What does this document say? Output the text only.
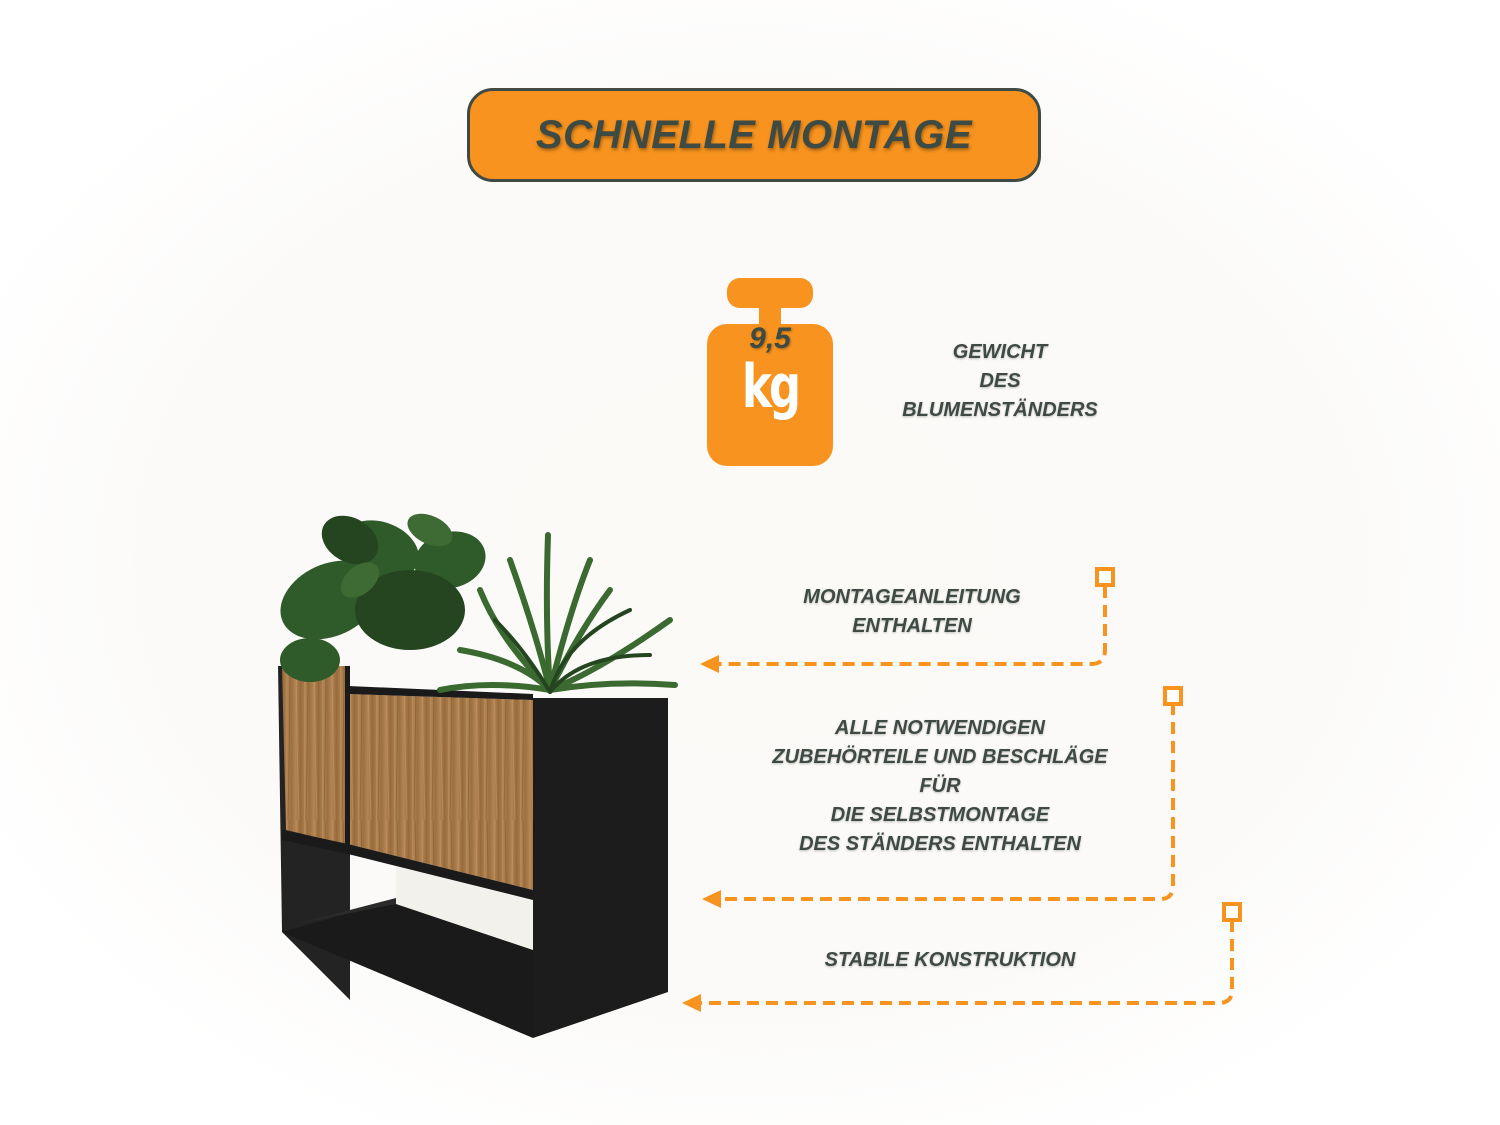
SCHNELLE MONTAGE
9,5
kg	GEWICHT
DES
BLUMENSTÄNDERS
MONTAGEANLEITUNG
ENTHALTEN
ALLE NOTWENDIGEN
ZUBEHÖRTEILE UND BESCHLÄGE
FÜR
DIE SELBSTMONTAGE
DES STÄNDERS ENTHALTEN
STABILE KONSTRUKTION
